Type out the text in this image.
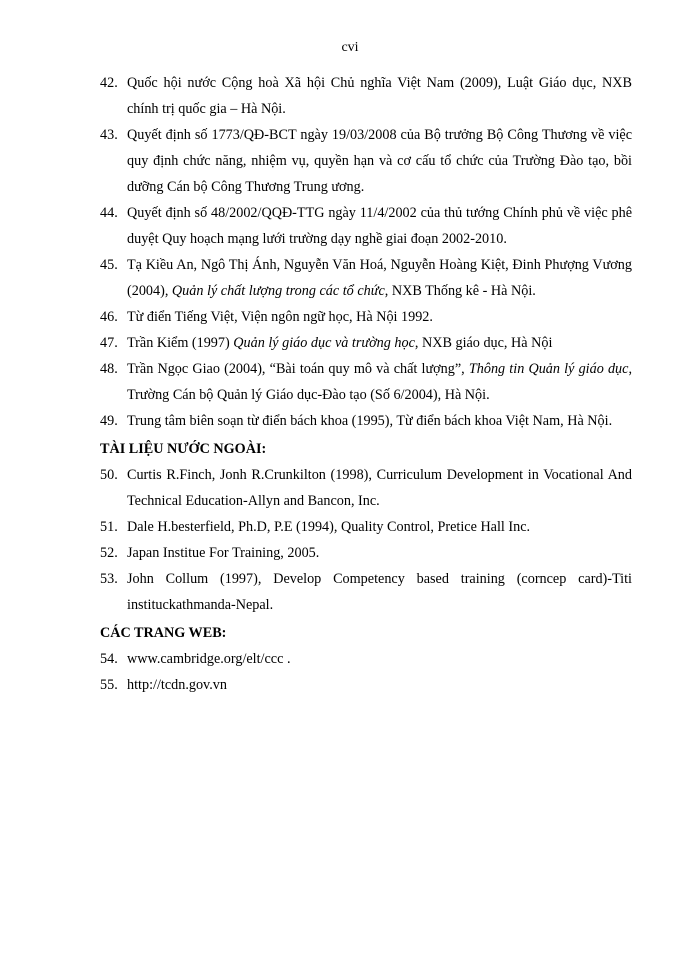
cvi
42. Quốc hội nước Cộng hoà Xã hội Chủ nghĩa Việt Nam (2009), Luật Giáo dục, NXB chính trị quốc gia – Hà Nội.
43. Quyết định số 1773/QĐ-BCT ngày 19/03/2008 của Bộ trưởng Bộ Công Thương về việc quy định chức năng, nhiệm vụ, quyền hạn và cơ cấu tổ chức của Trường Đào tạo, bồi dưỡng Cán bộ Công Thương Trung ương.
44. Quyết định số 48/2002/QQĐ-TTG ngày 11/4/2002 của thủ tướng Chính phủ về việc phê duyệt Quy hoạch mạng lưới trường dạy nghề giai đoạn 2002-2010.
45. Tạ Kiều An, Ngô Thị Ánh, Nguyễn Văn Hoá, Nguyễn Hoàng Kiệt, Đinh Phượng Vương (2004), Quản lý chất lượng trong các tổ chức, NXB Thống kê - Hà Nội.
46. Từ điển Tiếng Việt, Viện ngôn ngữ học, Hà Nội 1992.
47. Trần Kiểm (1997) Quản lý giáo dục và trường học, NXB giáo dục, Hà Nội
48. Trần Ngọc Giao (2004), “Bài toán quy mô và chất lượng”, Thông tin Quản lý giáo dục, Trường Cán bộ Quản lý Giáo dục-Đào tạo (Số 6/2004), Hà Nội.
49. Trung tâm biên soạn từ điển bách khoa (1995), Từ điển bách khoa Việt Nam, Hà Nội.
TÀI LIỆU NƯỚC NGOÀI:
50. Curtis R.Finch, Jonh R.Crunkilton (1998), Curriculum Development in Vocational And Technical Education-Allyn and Bancon, Inc.
51. Dale H.besterfield, Ph.D, P.E (1994), Quality Control, Pretice Hall Inc.
52. Japan Institue For Training, 2005.
53. John Collum (1997), Develop Competency based training (corncep card)-Titi instituckathmanda-Nepal.
CÁC TRANG WEB:
54. www.cambridge.org/elt/ccc .
55. http://tcdn.gov.vn
